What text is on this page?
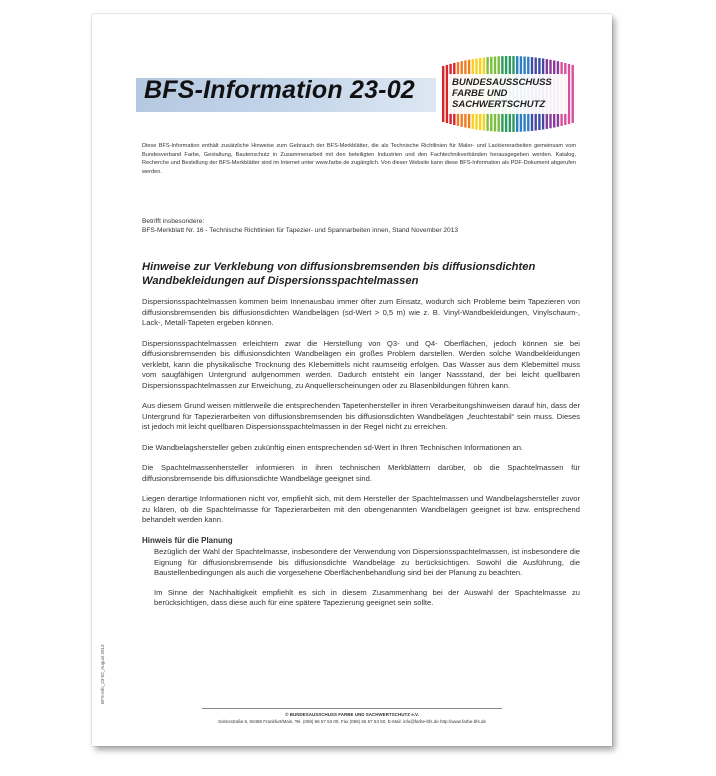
BFS-Information 23-02	BUNDESAUSSCHUSS
FARBE UND
SACHWERTSCHUTZ
Diese BFS-Information enthält zusätzliche Hinweise zum Gebrauch der BFS-Merkblätter, die als Technische Richtlinien für Maler- und Lackiererarbeiten gemeinsam vom Bundesverband Farbe, Gestaltung, Bautenschutz in Zusammenarbeit mit den beteiligten Industrien und den Fachtechnikverbänden herausgegeben werden. Katalog, Recherche und Bestellung der BFS-Merkblätter sind im Internet unter www.farbe.de zugänglich. Von dieser Website kann diese BFS-Information als PDF-Dokument abgerufen werden.
Betrifft insbesondere:
BFS-Merkblatt Nr. 16 - Technische Richtlinien für Tapezier- und Spannarbeiten innen, Stand November 2013
Hinweise zur Verklebung von diffusionsbremsenden bis diffusionsdichten Wandbekleidungen auf Dispersionsspachtelmassen

Dispersionsspachtelmassen kommen beim Innenausbau immer öfter zum Einsatz, wodurch sich Probleme beim Tapezieren von diffusionsbremsenden bis diffusionsdichten Wandbelägen (sd-Wert > 0,5 m) wie z. B. Vinyl-Wandbekleidungen, Vinylschaum-, Lack-, Metall-Tapeten ergeben können.

Dispersionsspachtelmassen erleichtern zwar die Herstellung von Q3- und Q4- Oberflächen, jedoch können sie bei diffusionsbremsenden bis diffusionsdichten Wandbelägen ein großes Problem darstellen. Werden solche Wandbekleidungen verklebt, kann die physikalische Trocknung des Klebemittels nicht raumseitig erfolgen. Das Wasser aus dem Klebemittel muss vom saugfähigen Untergrund aufgenommen werden. Dadurch entsteht ein langer Nassstand, der bei leicht quellbaren Dispersionsspachtelmassen zur Erweichung, zu Anquellerscheinungen oder zu Blasenbildungen führen kann.

Aus diesem Grund weisen mittlerweile die entsprechenden Tapetenhersteller in ihren Verarbeitungshinweisen darauf hin, dass der Untergrund für Tapezierarbeiten von diffusionsbremsenden bis diffusionsdichten Wandbelägen „feuchtestabil“ sein muss. Dieses ist jedoch mit leicht quellbaren Dispersionsspachtelmassen in der Regel nicht zu erreichen.

Die Wandbelagshersteller geben zukünftig einen entsprechenden sd-Wert in Ihren Technischen Informationen an.

Die Spachtelmassenhersteller informieren in ihren technischen Merkblättern darüber, ob die Spachtelmassen für diffusionsbremsende bis diffusionsdichte Wandbeläge geeignet sind.

Liegen derartige Informationen nicht vor, empfiehlt sich, mit dem Hersteller der Spachtelmassen und Wandbelagshersteller zuvor zu klären, ob die Spachtelmasse für Tapezierarbeiten mit den obengenannten Wandbelägen geeignet ist bzw. entsprechend behandelt werden kann.

Hinweis für die Planung

Bezüglich der Wahl der Spachtelmasse, insbesondere der Verwendung von Dispersionsspachtelmassen, ist insbesondere die Eignung für diffusionsbremsende bis diffusionsdichte Wandbeläge zu berücksichtigen. Sowohl die Ausführung, die Baustellenbedingungen als auch die vorgesehene Oberflächenbehandlung sind bei der Planung zu beachten.

Im Sinne der Nachhaltigkeit empfiehlt es sich in diesem Zusammenhang bei der Auswahl der Spachtelmasse zu berücksichtigen, dass diese auch für eine spätere Tapezierung geeignet sein sollte.

BFS-Info_23-02_August 2013
© BUNDESAUSSCHUSS FARBE UND SACHWERTSCHUTZ e.V.
Solmsstraße 6, 60486 Frankfurt/Main, Tel. (069) 66 57 53 00, Fax (069) 66 57 53 50, E-Mail: info@farbe-bfs.de http://www.farbe-bfs.de
